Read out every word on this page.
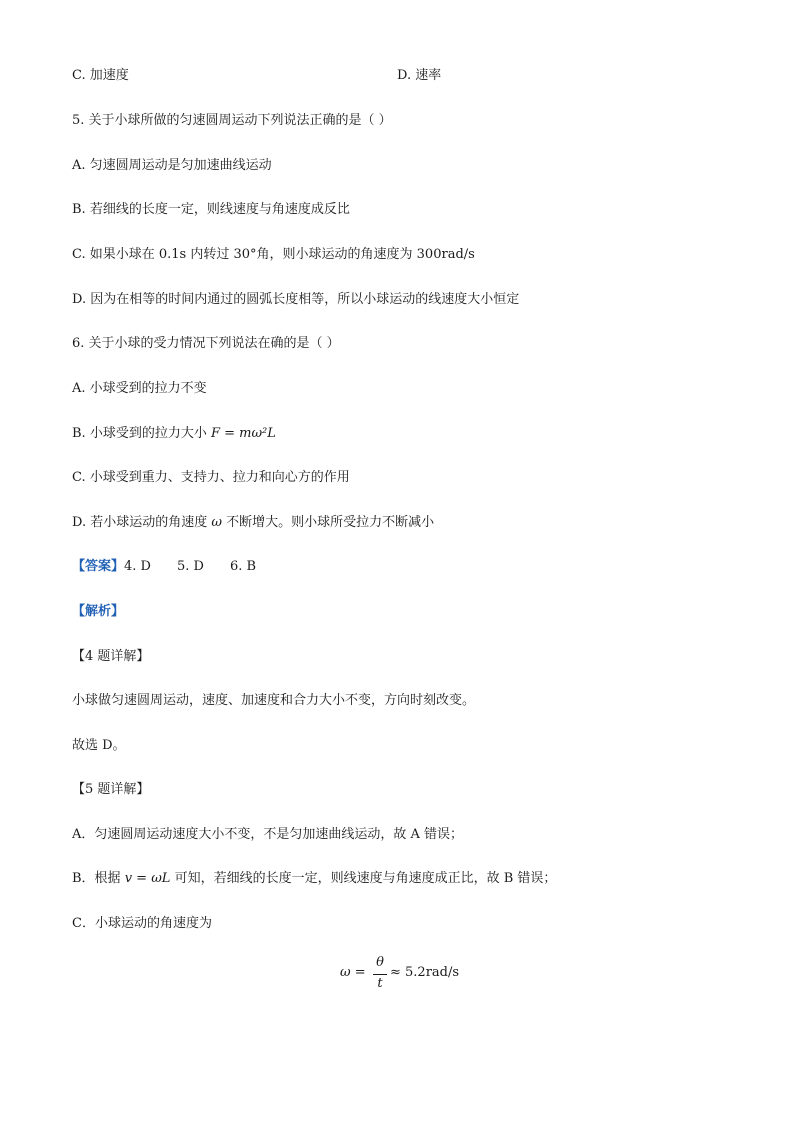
C. 加速度	D. 速率
5. 关于小球所做的匀速圆周运动下列说法正确的是（ ）
A. 匀速圆周运动是匀加速曲线运动
B. 若细线的长度一定，则线速度与角速度成反比
C. 如果小球在 0.1s 内转过 30°角，则小球运动的角速度为 300rad/s
D. 因为在相等的时间内通过的圆弧长度相等，所以小球运动的线速度大小恒定
6. 关于小球的受力情况下列说法在确的是（ ）
A. 小球受到的拉力不变
B. 小球受到的拉力大小 F = mω²L
C. 小球受到重力、支持力、拉力和向心方的作用
D. 若小球运动的角速度 ω 不断增大。则小球所受拉力不断减小
【答案】4. D 5. D 6. B
【解析】
【4 题详解】
小球做匀速圆周运动，速度、加速度和合力大小不变，方向时刻改变。
故选 D。
【5 题详解】
A．匀速圆周运动速度大小不变，不是匀加速曲线运动，故 A 错误；
B．根据 v = ωL 可知，若细线的长度一定，则线速度与角速度成正比，故 B 错误；
C．小球运动的角速度为
ω =
θ
t
≈ 5.2rad/s
